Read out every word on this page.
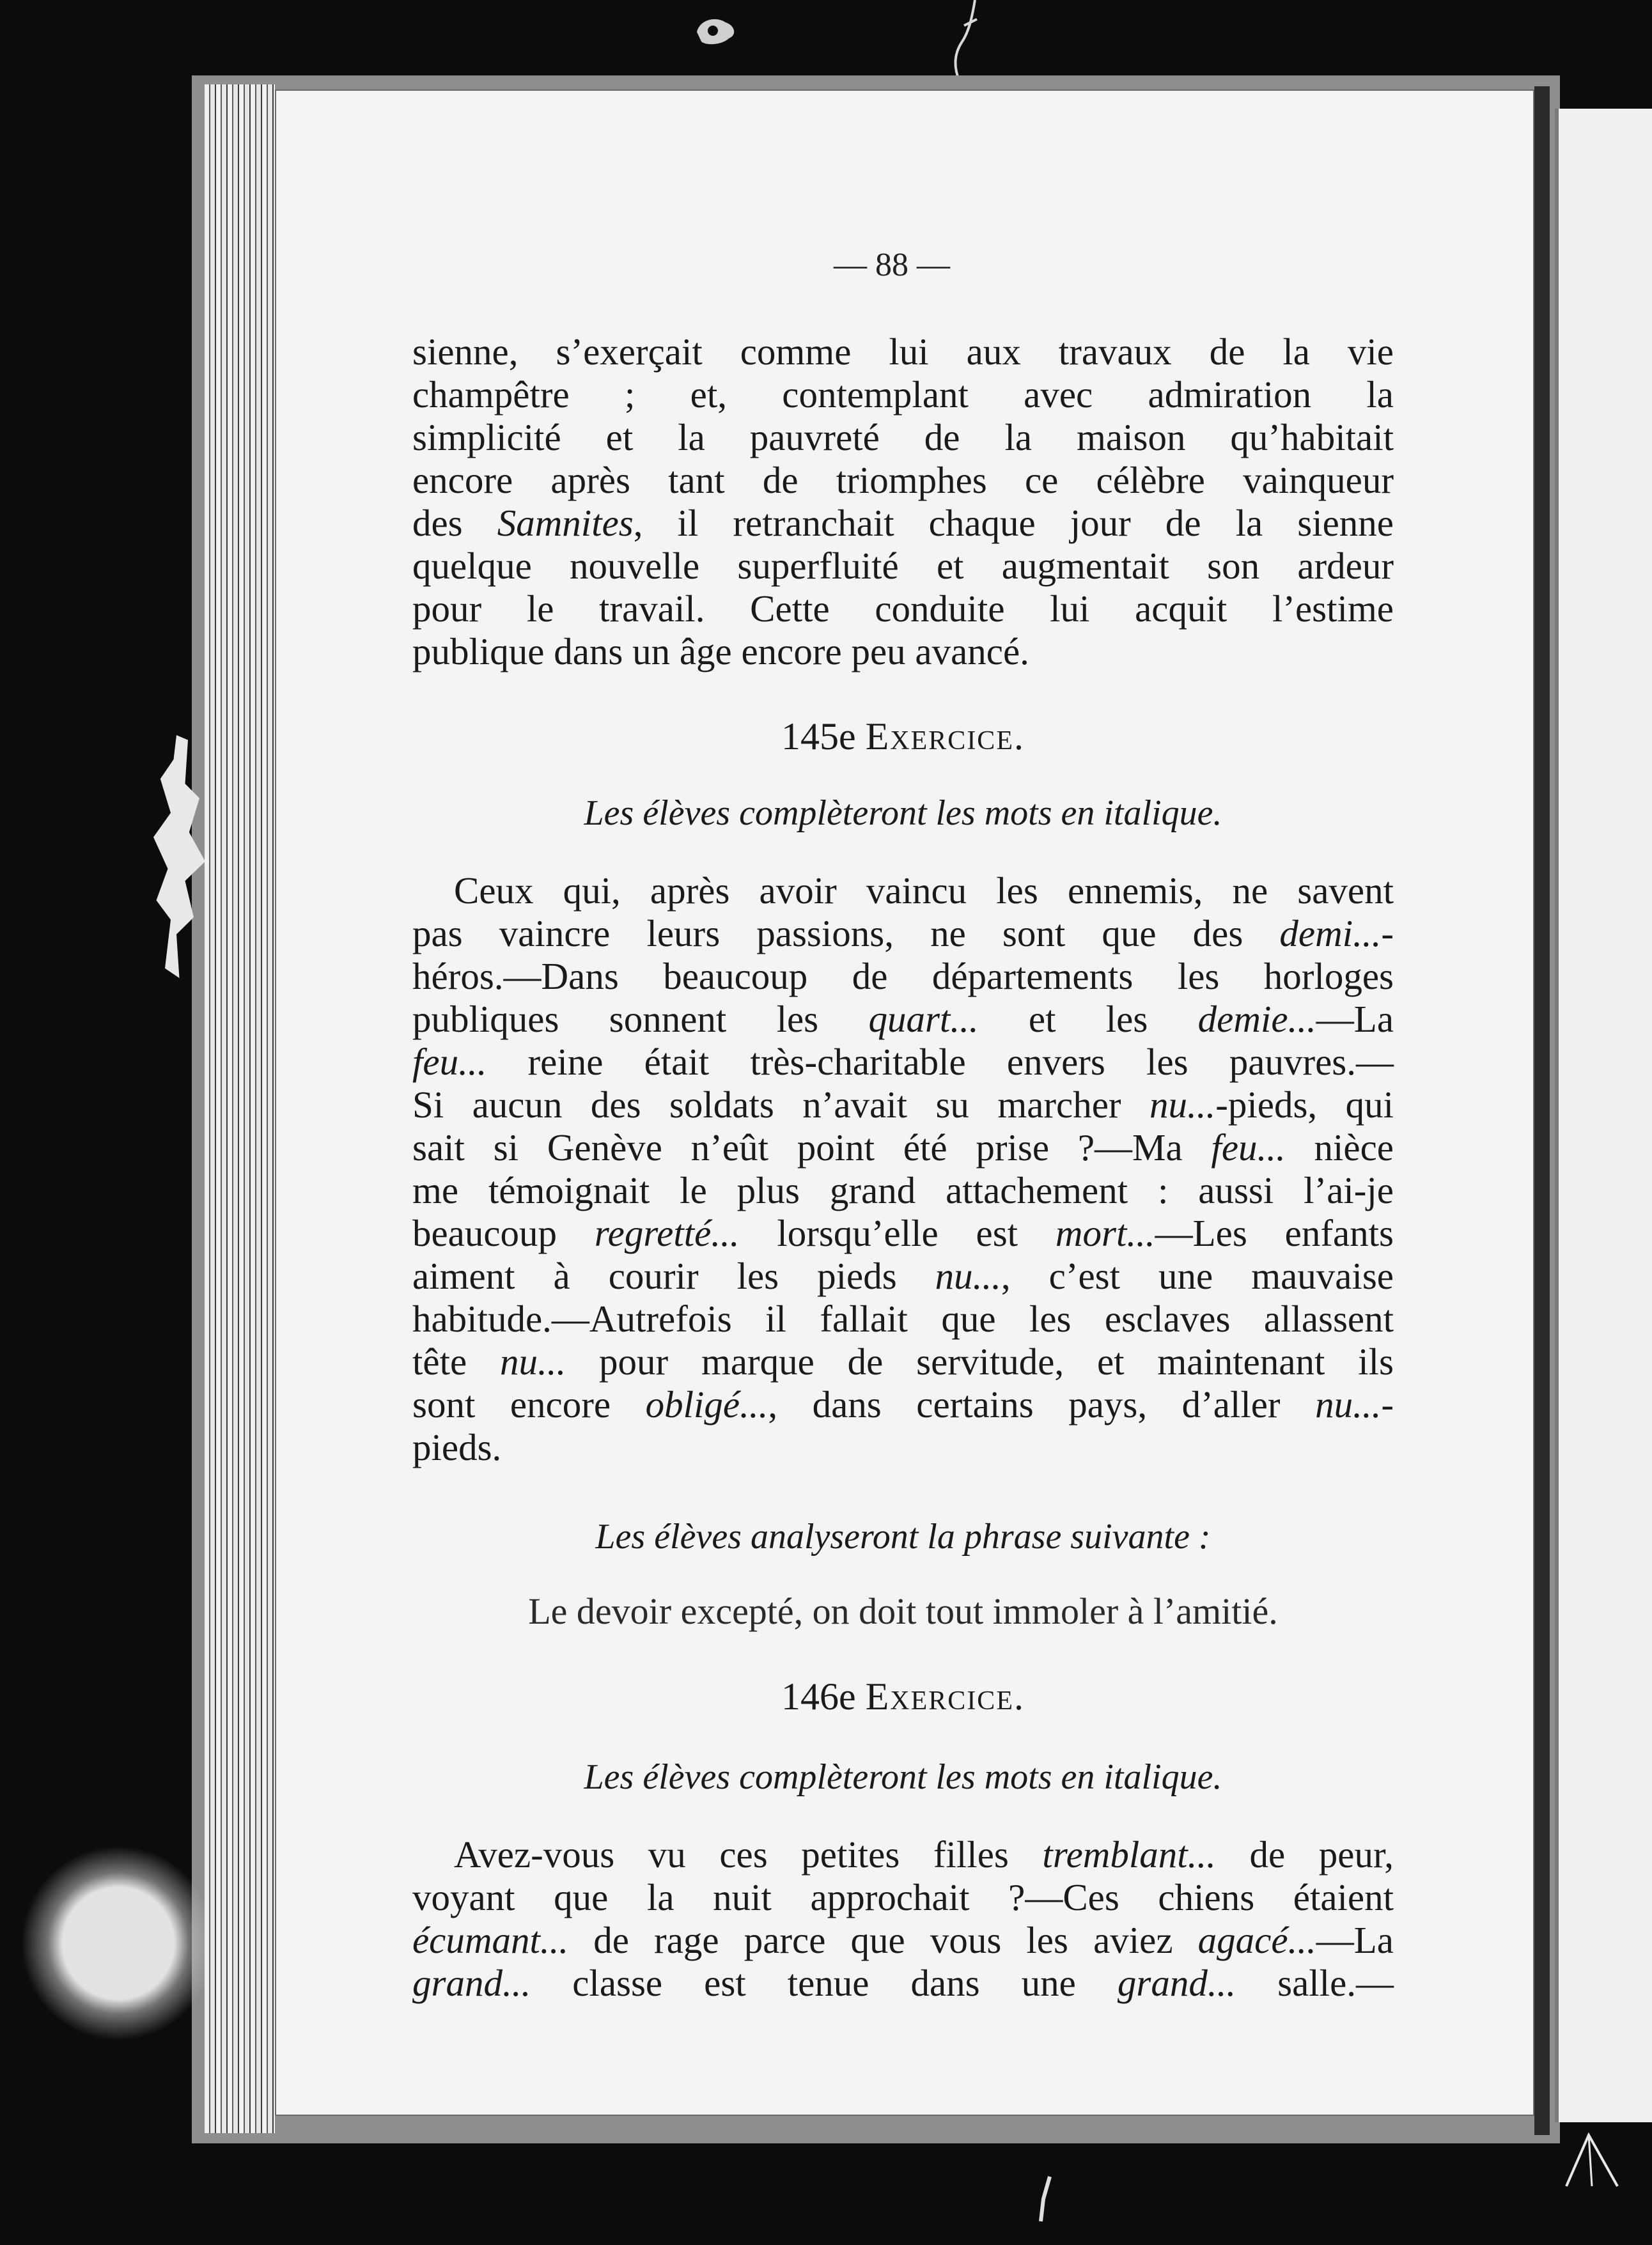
— 88 —
sienne, s’exerçait comme lui aux travaux de la vie
champêtre ; et, contemplant avec admiration la
simplicité et la pauvreté de la maison qu’habitait
encore après tant de triomphes ce célèbre vainqueur
des Samnites, il retranchait chaque jour de la sienne
quelque nouvelle superfluité et augmentait son ardeur
pour le travail. Cette conduite lui acquit l’estime
publique dans un âge encore peu avancé.
145e Exercice.
Les élèves complèteront les mots en italique.
Ceux qui, après avoir vaincu les ennemis, ne savent
pas vaincre leurs passions, ne sont que des demi...-
héros.—Dans beaucoup de départements les horloges
publiques sonnent les quart... et les demie...—La
feu... reine était très-charitable envers les pauvres.—
Si aucun des soldats n’avait su marcher nu...-pieds, qui
sait si Genève n’eût point été prise ?—Ma feu... nièce
me témoignait le plus grand attachement : aussi l’ai-je
beaucoup regretté... lorsqu’elle est mort...—Les enfants
aiment à courir les pieds nu..., c’est une mauvaise
habitude.—Autrefois il fallait que les esclaves allassent
tête nu... pour marque de servitude, et maintenant ils
sont encore obligé..., dans certains pays, d’aller nu...-
pieds.
Les élèves analyseront la phrase suivante :
Le devoir excepté, on doit tout immoler à l’amitié.
146e Exercice.
Les élèves complèteront les mots en italique.
Avez-vous vu ces petites filles tremblant... de peur,
voyant que la nuit approchait ?—Ces chiens étaient
écumant... de rage parce que vous les aviez agacé...—La
grand... classe est tenue dans une grand... salle.—
